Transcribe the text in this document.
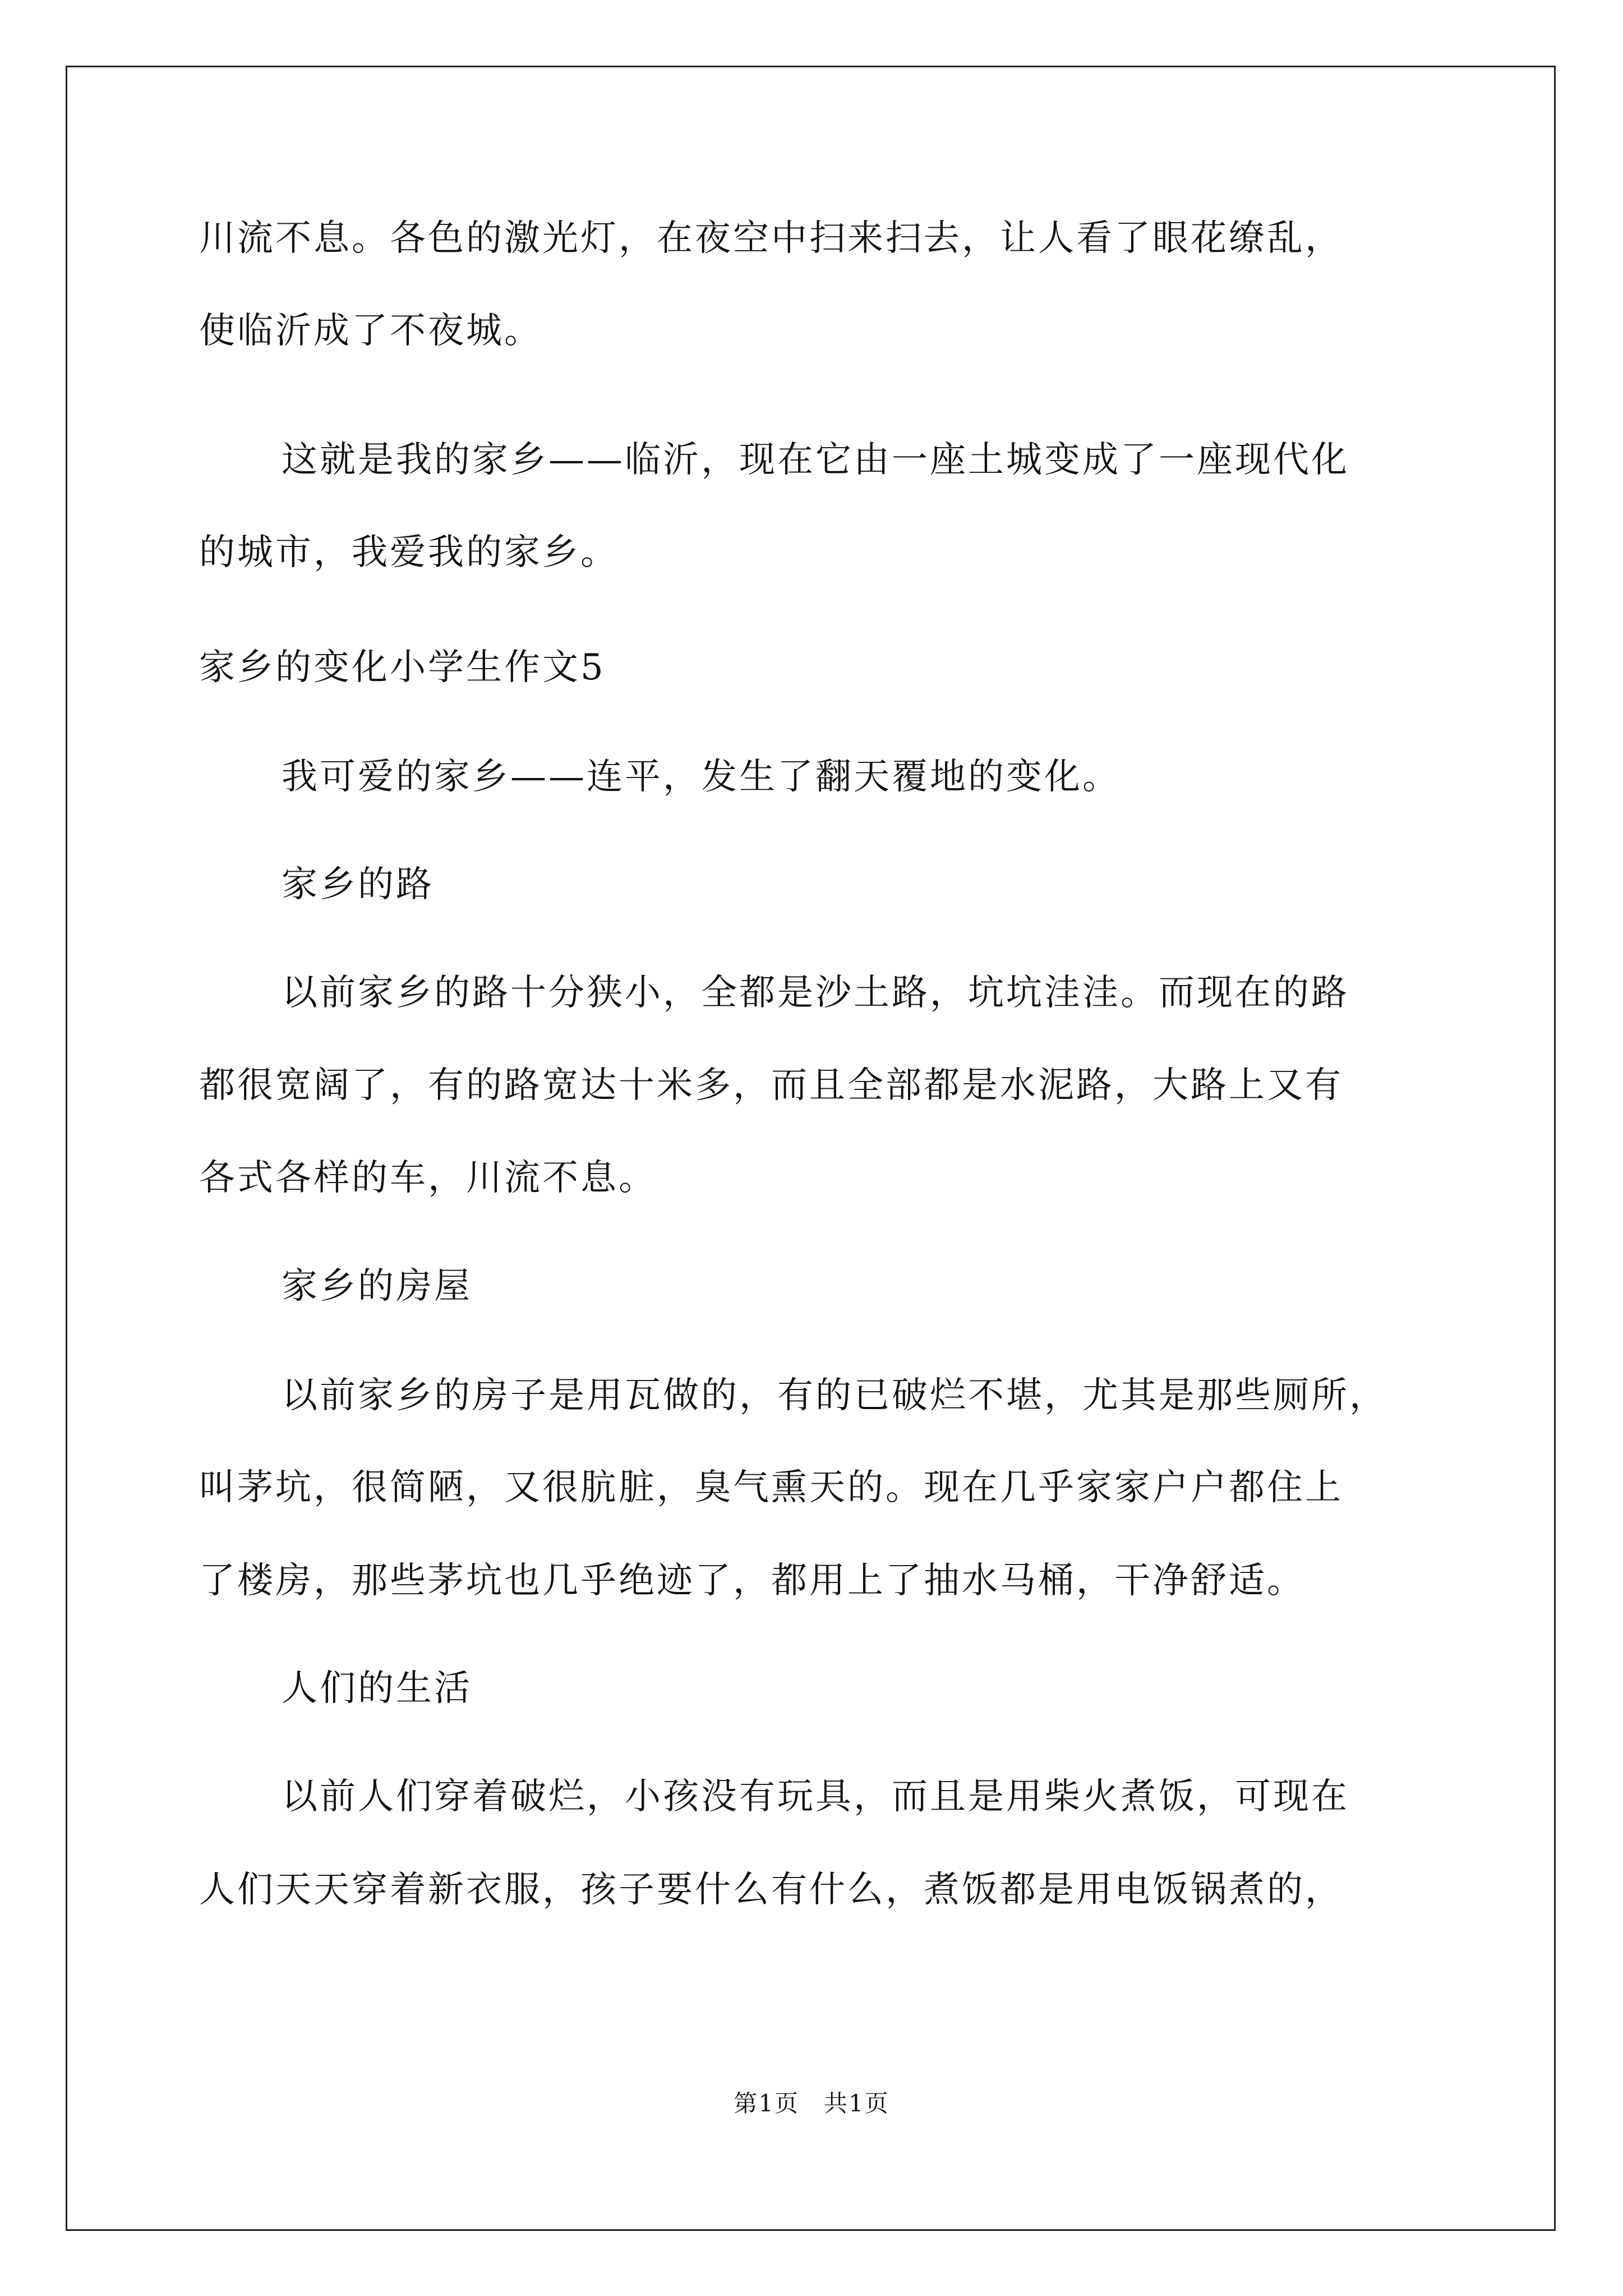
川流不息。各色的激光灯，在夜空中扫来扫去，让人看了眼花缭乱，
使临沂成了不夜城。
这就是我的家乡——临沂，现在它由一座土城变成了一座现代化
的城市，我爱我的家乡。
家乡的变化小学生作文5
我可爱的家乡——连平，发生了翻天覆地的变化。
家乡的路
以前家乡的路十分狭小，全都是沙土路，坑坑洼洼。而现在的路
都很宽阔了，有的路宽达十米多，而且全部都是水泥路，大路上又有
各式各样的车，川流不息。
家乡的房屋
以前家乡的房子是用瓦做的，有的已破烂不堪，尤其是那些厕所，
叫茅坑，很简陋，又很肮脏，臭气熏天的。现在几乎家家户户都住上
了楼房，那些茅坑也几乎绝迹了，都用上了抽水马桶，干净舒适。
人们的生活
以前人们穿着破烂，小孩没有玩具，而且是用柴火煮饭，可现在
人们天天穿着新衣服，孩子要什么有什么，煮饭都是用电饭锅煮的，
第1页　共1页
